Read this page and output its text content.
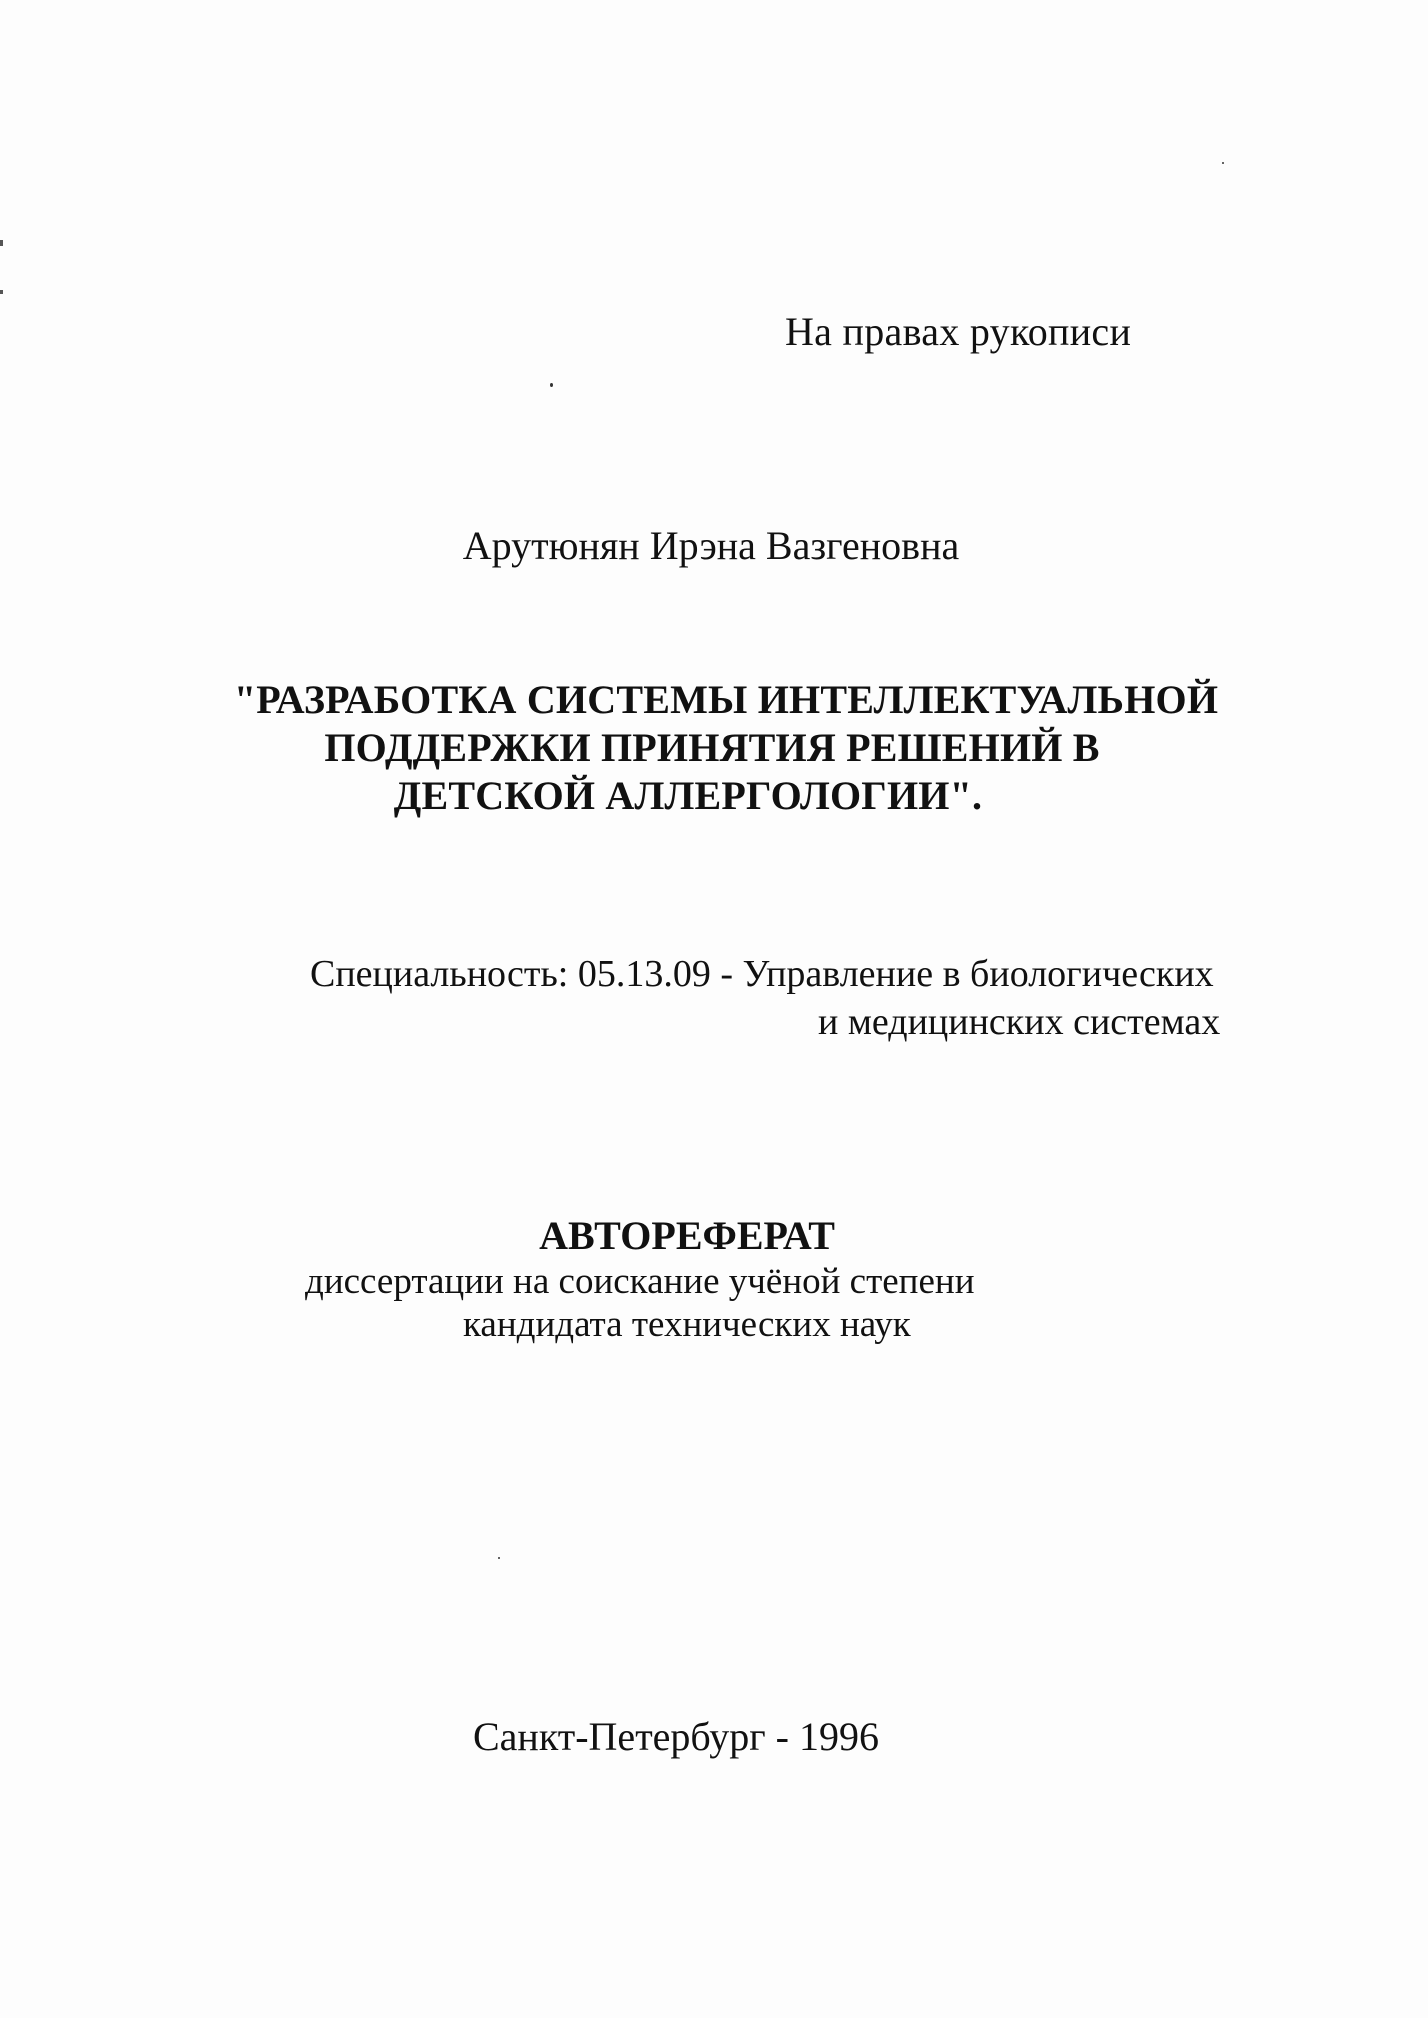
На правах рукописи

Арутюнян Ирэна Вазгеновна

"РАЗРАБОТКА СИСТЕМЫ ИНТЕЛЛЕКТУАЛЬНОЙ

ПОДДЕРЖКИ ПРИНЯТИЯ РЕШЕНИЙ В

ДЕТСКОЙ АЛЛЕРГОЛОГИИ".

Специальность: 05.13.09 - Управление в биологических

и медицинских системах

АВТОРЕФЕРАТ

диссертации на соискание учёной степени

кандидата технических наук

Санкт-Петербург - 1996
